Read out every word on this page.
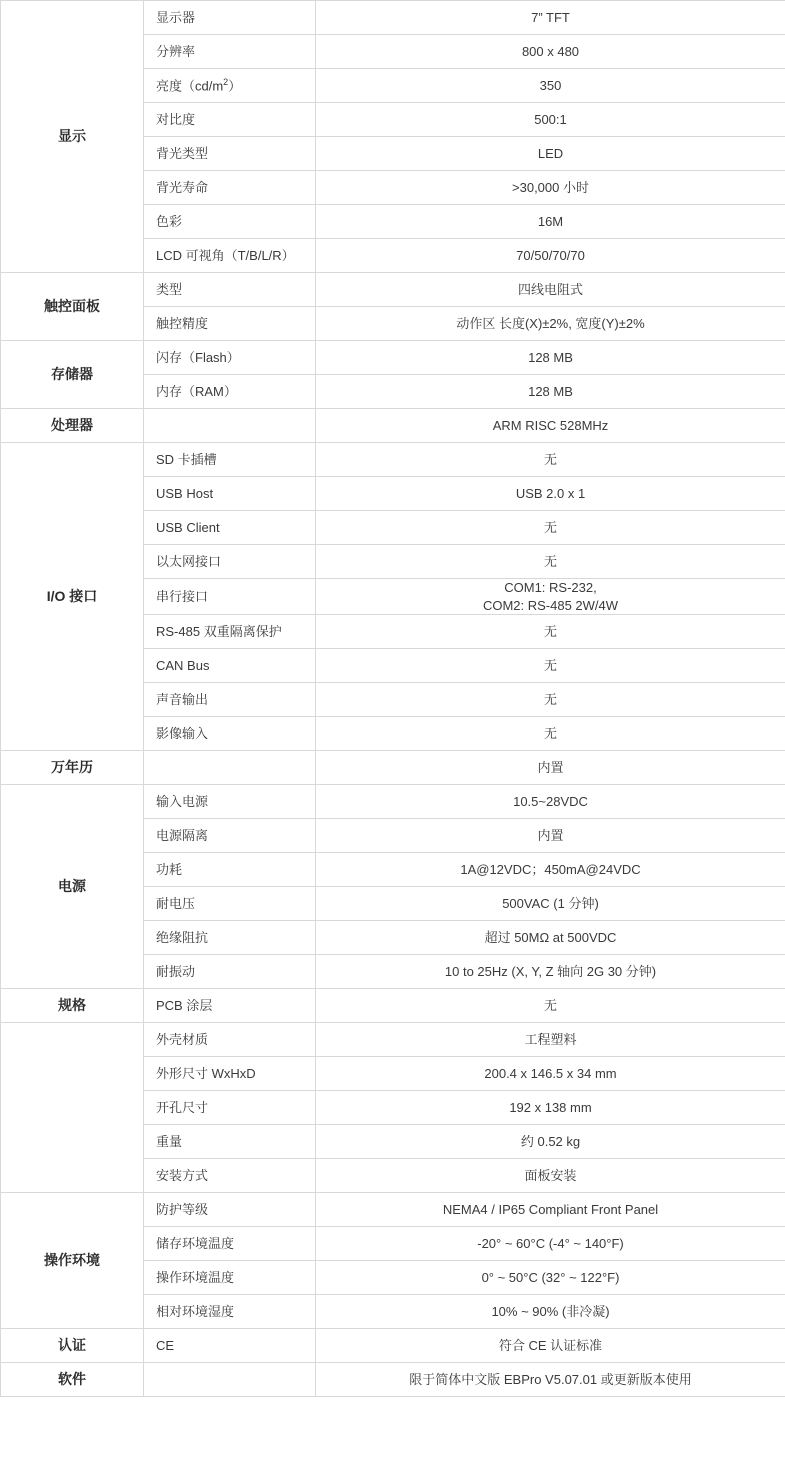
显示	显示器	7” TFT
	分辨率	800 x 480
	亮度$(cd/m^2)$	350
	对比度	500:1
	背光类型	LED
	背光寿命	>30,000 小时
	色彩	16M
	LCD 可视角（T/B/L/R）	70/50/70/70
触控面板	类型	四线电阻式
	触控精度	动作区 长度(X)±2%, 宽度(Y)±2%
存储器	闪存（Flash）	128 MB
	内存（RAM）	128 MB
处理器		ARM RISC 528MHz
I/O 接口	SD 卡插槽	无
	USB Host	USB 2.0 x 1
	USB Client	无
	以太网接口	无
	串行接口	COM1: RS-232,
COM2: RS-485 2W/4W

	RS-485 双重隔离保护	无
	CAN Bus	无
	声音输出	无
	影像输入	无
万年历		内置
电源	输入电源	10.5~28VDC
	电源隔离	内置
	功耗	1A@12VDC；450mA@24VDC
	耐电压	500VAC (1 分钟)
	绝缘阻抗	超过 50MΩ at 500VDC
	耐振动	10 to 25Hz (X, Y, Z 轴向 2G 30 分钟)
规格	PCB 涂层	无
	外壳材质	工程塑料
	外形尺寸 WxHxD	200.4 x 146.5 x 34 mm
	开孔尺寸	192 x 138 mm
	重量	约 0.52 kg
	安装方式	面板安装
操作环境	防护等级	NEMA4 / IP65 Compliant Front Panel
	储存环境温度	-20° ~ 60°C (-4° ~ 140°F)
	操作环境温度	0° ~ 50°C (32° ~ 122°F)
	相对环境湿度	10% ~ 90% (非冷凝)
认证	CE	符合 CE 认证标准
软件		限于简体中文版 EBPro V5.07.01 或更新版本使用
